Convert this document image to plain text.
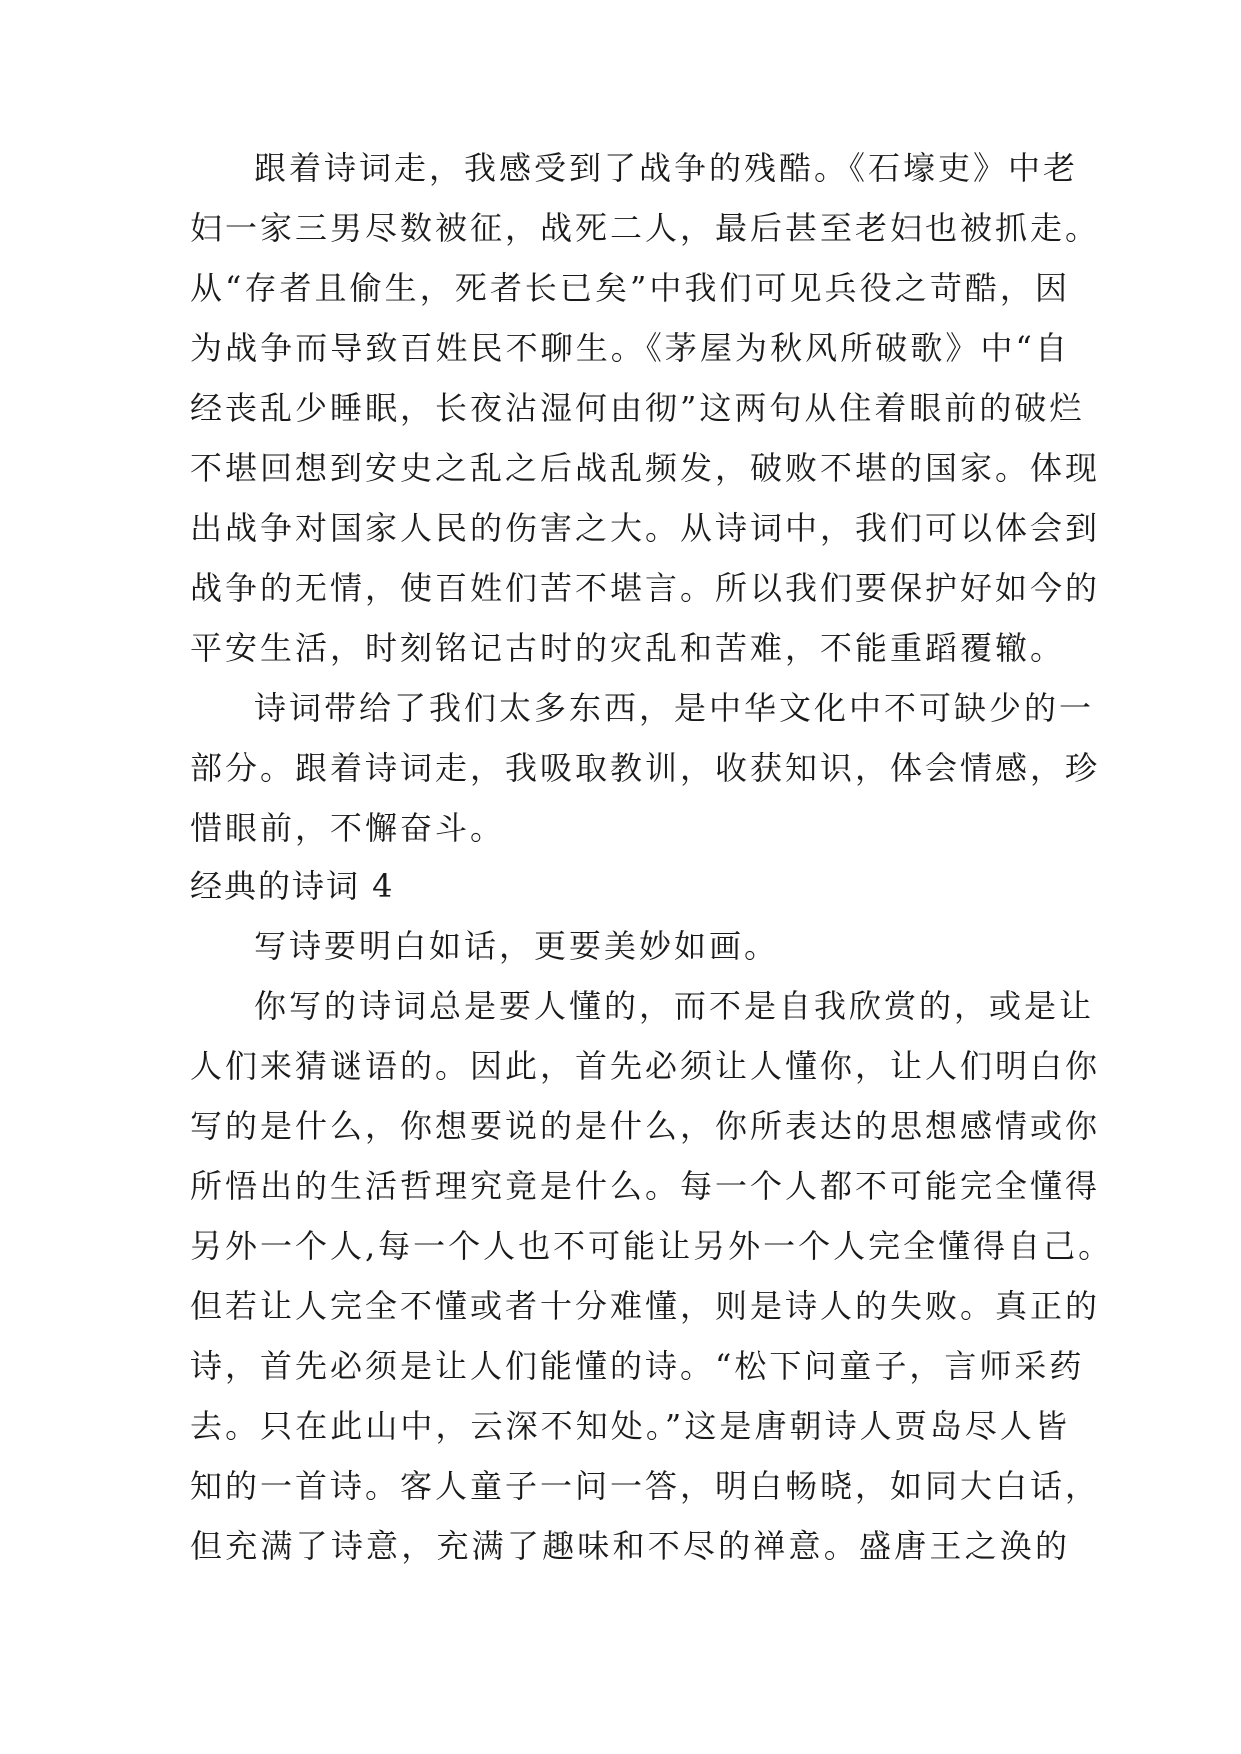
跟着诗词走，我感受到了战争的残酷。《石壕吏》中老
妇一家三男尽数被征，战死二人，最后甚至老妇也被抓走。
从“存者且偷生，死者长已矣”中我们可见兵役之苛酷，因
为战争而导致百姓民不聊生。《茅屋为秋风所破歌》中“自
经丧乱少睡眠，长夜沾湿何由彻”这两句从住着眼前的破烂
不堪回想到安史之乱之后战乱频发，破败不堪的国家。体现
出战争对国家人民的伤害之大。从诗词中，我们可以体会到
战争的无情，使百姓们苦不堪言。所以我们要保护好如今的
平安生活，时刻铭记古时的灾乱和苦难，不能重蹈覆辙。
诗词带给了我们太多东西，是中华文化中不可缺少的一
部分。跟着诗词走，我吸取教训，收获知识，体会情感，珍
惜眼前，不懈奋斗。
经典的诗词 4
写诗要明白如话，更要美妙如画。
你写的诗词总是要人懂的，而不是自我欣赏的，或是让
人们来猜谜语的。因此，首先必须让人懂你，让人们明白你
写的是什么，你想要说的是什么，你所表达的思想感情或你
所悟出的生活哲理究竟是什么。每一个人都不可能完全懂得
另外一个人,每一个人也不可能让另外一个人完全懂得自己。
但若让人完全不懂或者十分难懂，则是诗人的失败。真正的
诗，首先必须是让人们能懂的诗。“松下问童子，言师采药
去。只在此山中，云深不知处。”这是唐朝诗人贾岛尽人皆
知的一首诗。客人童子一问一答，明白畅晓，如同大白话，
但充满了诗意，充满了趣味和不尽的禅意。盛唐王之涣的
